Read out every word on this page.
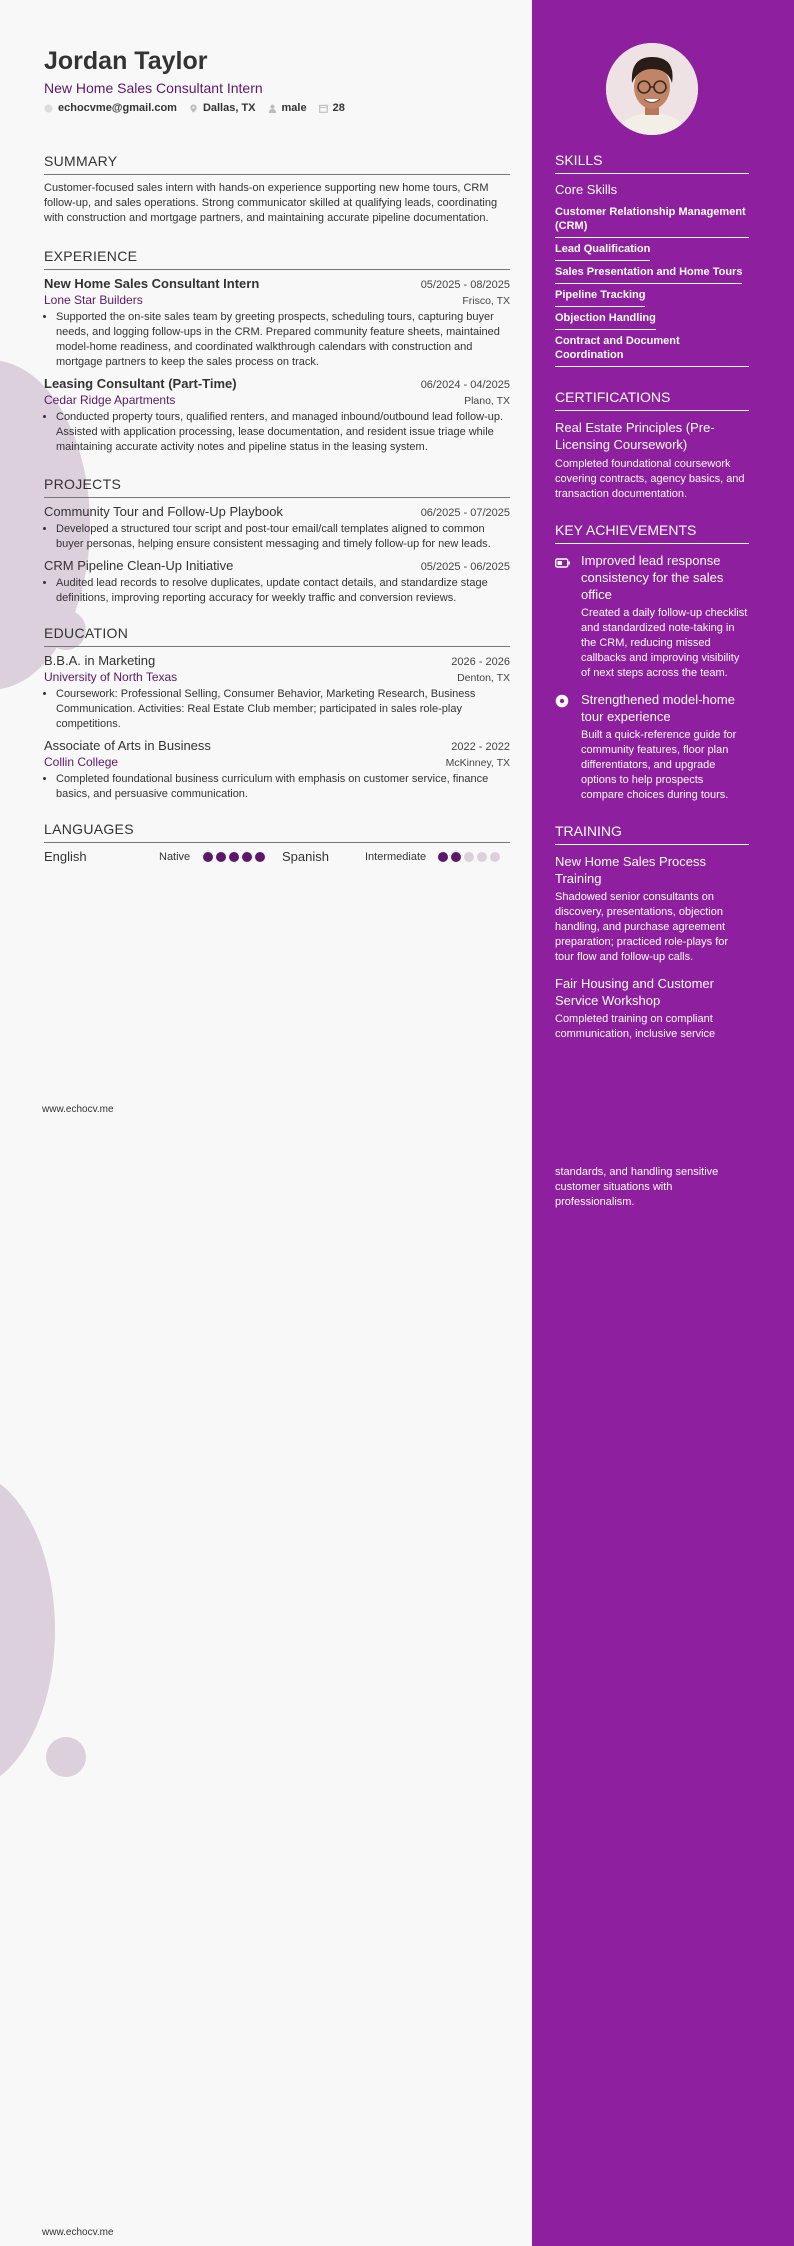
Jordan Taylor
New Home Sales Consultant Intern
echocvme@gmail.com Dallas, TX male 28
SUMMARY
Customer-focused sales intern with hands-on experience supporting new home tours, CRM follow-up, and sales operations. Strong communicator skilled at qualifying leads, coordinating with construction and mortgage partners, and maintaining accurate pipeline documentation.
EXPERIENCE
New Home Sales Consultant Intern	05/2025 - 08/2025
Lone Star Builders	Frisco, TX
• Supported the on-site sales team by greeting prospects, scheduling tours, capturing buyer needs, and logging follow-ups in the CRM. Prepared community feature sheets, maintained model-home readiness, and coordinated walkthrough calendars with construction and mortgage partners to keep the sales process on track.
Leasing Consultant (Part-Time)	06/2024 - 04/2025
Cedar Ridge Apartments	Plano, TX
• Conducted property tours, qualified renters, and managed inbound/outbound lead follow-up. Assisted with application processing, lease documentation, and resident issue triage while maintaining accurate activity notes and pipeline status in the leasing system.
PROJECTS
Community Tour and Follow-Up Playbook	06/2025 - 07/2025
• Developed a structured tour script and post-tour email/call templates aligned to common buyer personas, helping ensure consistent messaging and timely follow-up for new leads.
CRM Pipeline Clean-Up Initiative	05/2025 - 06/2025
• Audited lead records to resolve duplicates, update contact details, and standardize stage definitions, improving reporting accuracy for weekly traffic and conversion reviews.
EDUCATION
B.B.A. in Marketing	2026 - 2026
University of North Texas	Denton, TX
• Coursework: Professional Selling, Consumer Behavior, Marketing Research, Business Communication. Activities: Real Estate Club member; participated in sales role-play competitions.
Associate of Arts in Business	2022 - 2022
Collin College	McKinney, TX
• Completed foundational business curriculum with emphasis on customer service, finance basics, and persuasive communication.
LANGUAGES
English	Native	Spanish	Intermediate
www.echocv.me
www.echocv.me
SKILLS
Core Skills
Customer Relationship Management (CRM)
Lead Qualification
Sales Presentation and Home Tours
Pipeline Tracking
Objection Handling
Contract and Document Coordination
CERTIFICATIONS
Real Estate Principles (Pre-Licensing Coursework)
Completed foundational coursework covering contracts, agency basics, and transaction documentation.
KEY ACHIEVEMENTS
Improved lead response consistency for the sales office
Created a daily follow-up checklist and standardized note-taking in the CRM, reducing missed callbacks and improving visibility of next steps across the team.
Strengthened model-home tour experience
Built a quick-reference guide for community features, floor plan differentiators, and upgrade options to help prospects compare choices during tours.
TRAINING
New Home Sales Process Training
Shadowed senior consultants on discovery, presentations, objection handling, and purchase agreement preparation; practiced role-plays for tour flow and follow-up calls.
Fair Housing and Customer Service Workshop
Completed training on compliant communication, inclusive service
standards, and handling sensitive customer situations with professionalism.
